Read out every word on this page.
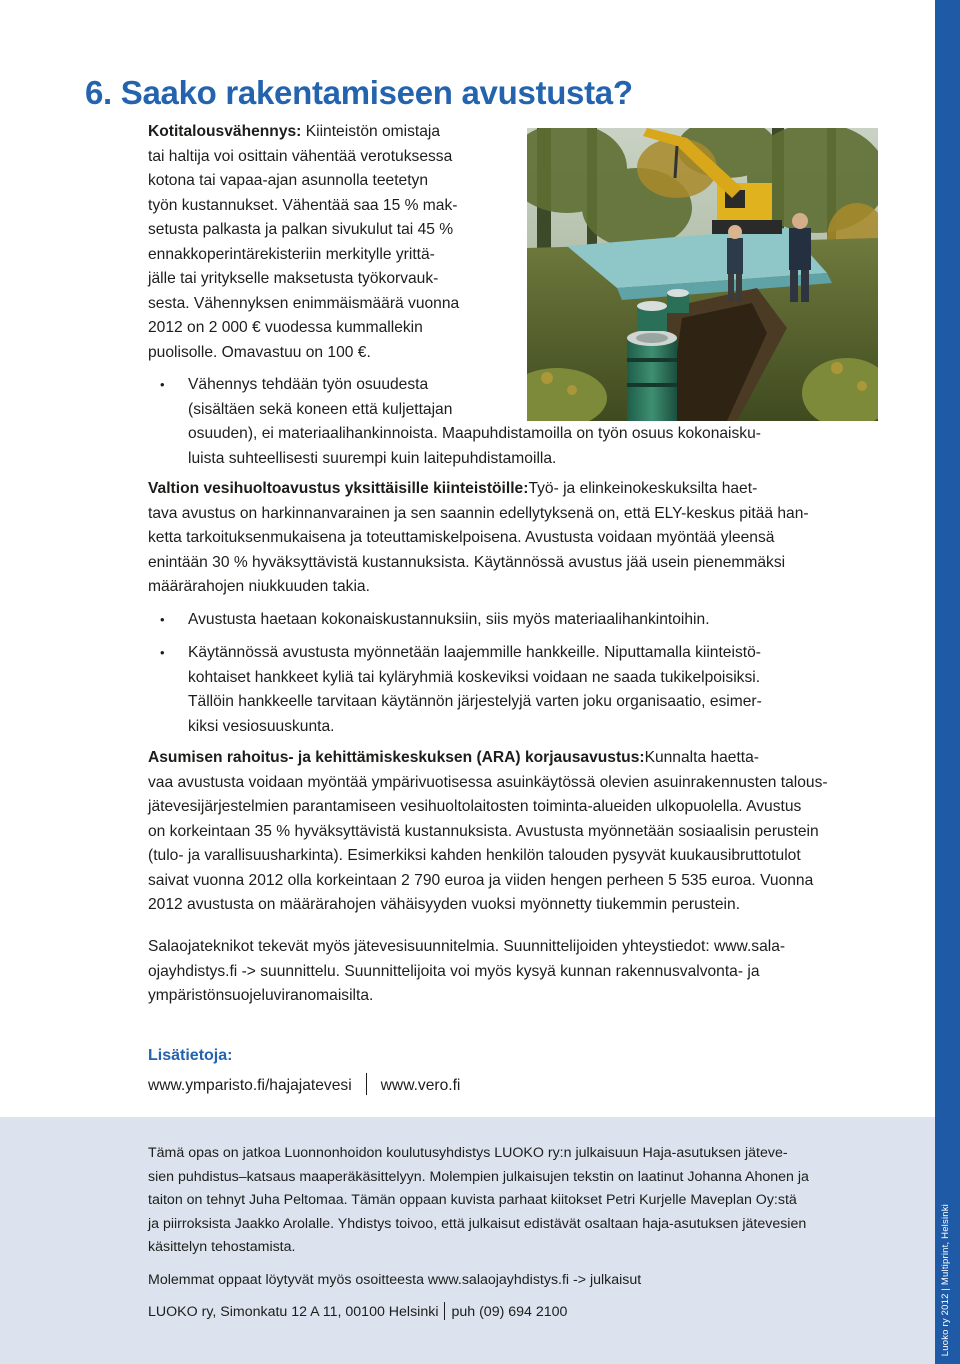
6. Saako rakentamiseen avustusta?

Kotitalousvähennys: Kiinteistön omistaja

tai haltija voi osittain vähentää verotuksessa

kotona tai vapaa-ajan asunnolla teetetyn

työn kustannukset. Vähentää saa 15 % mak-

setusta palkasta ja palkan sivukulut tai 45 %

ennakkoperintärekisteriin merkitylle yrittä-

jälle tai yritykselle maksetusta työkorvauk-

sesta. Vähennyksen enimmäismäärä vuonna

2012 on 2 000 € vuodessa kummallekin

puolisolle. Omavastuu on 100 €.

• Vähennys tehdään työn osuudesta

(sisältäen sekä koneen että kuljettajan

osuuden), ei materiaalihankinnoista. Maapuhdistamoilla on työn osuus kokonaisku-

luista suhteellisesti suurempi kuin laitepuhdistamoilla.

Valtion vesihuoltoavustus yksittäisille kiinteistöille:Työ- ja elinkeinokeskuksilta haet-

tava avustus on harkinnanvarainen ja sen saannin edellytyksenä on, että ELY-keskus pitää han-

ketta tarkoituksenmukaisena ja toteuttamiskelpoisena. Avustusta voidaan myöntää yleensä

enintään 30 % hyväksyttävistä kustannuksista. Käytännössä avustus jää usein pienemmäksi

määrärahojen niukkuuden takia.

• Avustusta haetaan kokonaiskustannuksiin, siis myös materiaalihankintoihin.

• Käytännössä avustusta myönnetään laajemmille hankkeille. Niputtamalla kiinteistö-

kohtaiset hankkeet kyliä tai kyläryhmiä koskeviksi voidaan ne saada tukikelpoisiksi.

Tällöin hankkeelle tarvitaan käytännön järjestelyjä varten joku organisaatio, esimer-

kiksi vesiosuuskunta.

Asumisen rahoitus- ja kehittämiskeskuksen (ARA) korjausavustus:Kunnalta haetta-

vaa avustusta voidaan myöntää ympärivuotisessa asuinkäytössä olevien asuinrakennusten talous-

jätevesijärjestelmien parantamiseen vesihuoltolaitosten toiminta-alueiden ulkopuolella. Avustus

on korkeintaan 35 % hyväksyttävistä kustannuksista. Avustusta myönnetään sosiaalisin perustein

(tulo- ja varallisuusharkinta). Esimerkiksi kahden henkilön talouden pysyvät kuukausibruttotulot

saivat vuonna 2012 olla korkeintaan 2 790 euroa ja viiden hengen perheen 5 535 euroa. Vuonna

2012 avustusta on määrärahojen vähäisyyden vuoksi myönnetty tiukemmin perustein.

Salaojateknikot tekevät myös jätevesisuunnitelmia. Suunnittelijoiden yhteystiedot: www.sala-

ojayhdistys.fi -> suunnittelu. Suunnittelijoita voi myös kysyä kunnan rakennusvalvonta- ja

ympäristönsuojeluviranomaisilta.

Lisätietoja:
www.ymparisto.fi/hajajatevesi www.vero.fi

Tämä opas on jatkoa Luonnonhoidon koulutusyhdistys LUOKO ry:n julkaisuun Haja-asutuksen jäteve-

sien puhdistus–katsaus maaperäkäsittelyyn. Molempien julkaisujen tekstin on laatinut Johanna Ahonen ja

taiton on tehnyt Juha Peltomaa. Tämän oppaan kuvista parhaat kiitokset Petri Kurjelle Maveplan Oy:stä

ja piirroksista Jaakko Arolalle. Yhdistys toivoo, että julkaisut edistävät osaltaan haja-asutuksen jätevesien

käsittelyn tehostamista.

Molemmat oppaat löytyvät myös osoitteesta www.salaojayhdistys.fi -> julkaisut

LUOKO ry, Simonkatu 12 A 11, 00100 Helsinki puh (09) 694 2100	Luoko ry 2012 | Multiprint, Helsinki
